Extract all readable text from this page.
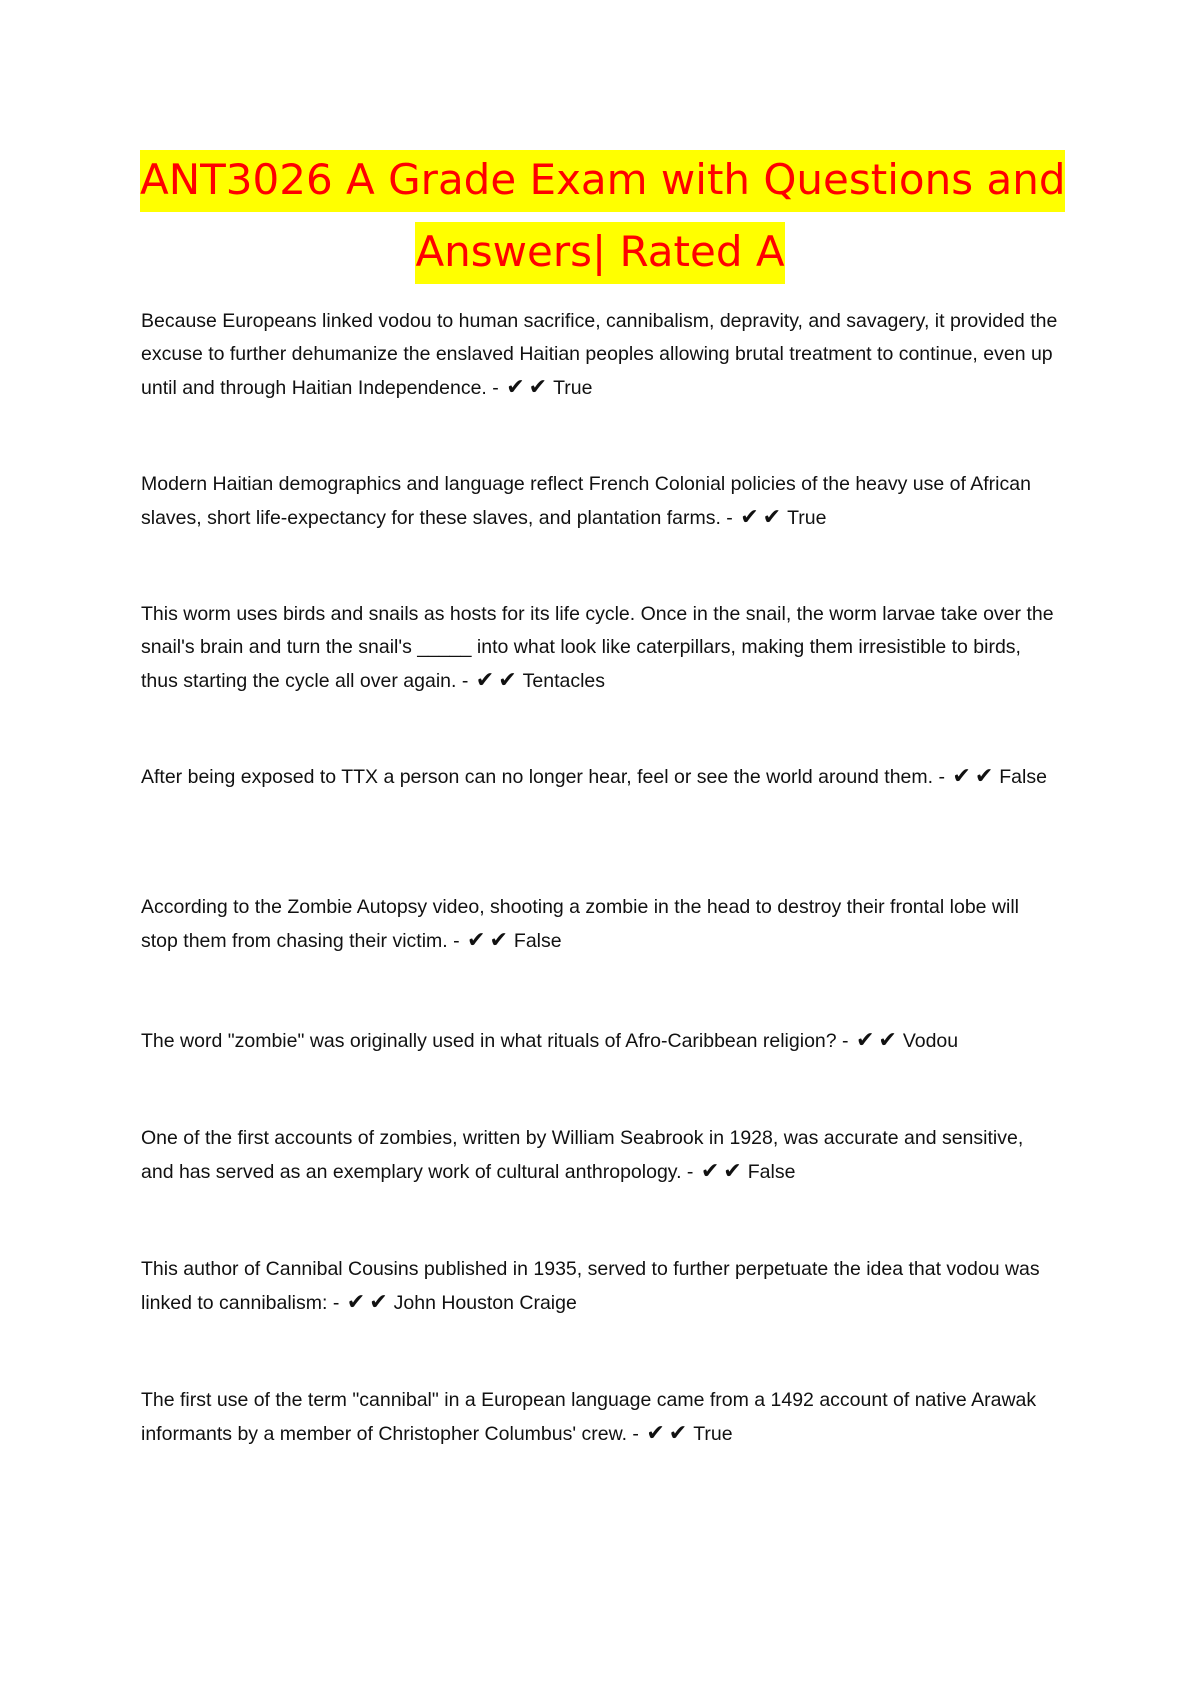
ANT3026 A Grade Exam with Questions and
Answers| Rated A
Because Europeans linked vodou to human sacrifice, cannibalism, depravity, and savagery, it provided the excuse to further dehumanize the enslaved Haitian peoples allowing brutal treatment to continue, even up until and through Haitian Independence. - ✔✔ True
Modern Haitian demographics and language reflect French Colonial policies of the heavy use of African slaves, short life-expectancy for these slaves, and plantation farms. - ✔✔ True
This worm uses birds and snails as hosts for its life cycle. Once in the snail, the worm larvae take over the snail's brain and turn the snail's _____ into what look like caterpillars, making them irresistible to birds, thus starting the cycle all over again. - ✔✔ Tentacles
After being exposed to TTX a person can no longer hear, feel or see the world around them. - ✔✔ False
According to the Zombie Autopsy video, shooting a zombie in the head to destroy their frontal lobe will stop them from chasing their victim. - ✔✔ False
The word "zombie" was originally used in what rituals of Afro-Caribbean religion? - ✔✔ Vodou
One of the first accounts of zombies, written by William Seabrook in 1928, was accurate and sensitive, and has served as an exemplary work of cultural anthropology. - ✔✔ False
This author of Cannibal Cousins published in 1935, served to further perpetuate the idea that vodou was linked to cannibalism: - ✔✔ John Houston Craige
The first use of the term "cannibal" in a European language came from a 1492 account of native Arawak informants by a member of Christopher Columbus' crew. - ✔✔ True
